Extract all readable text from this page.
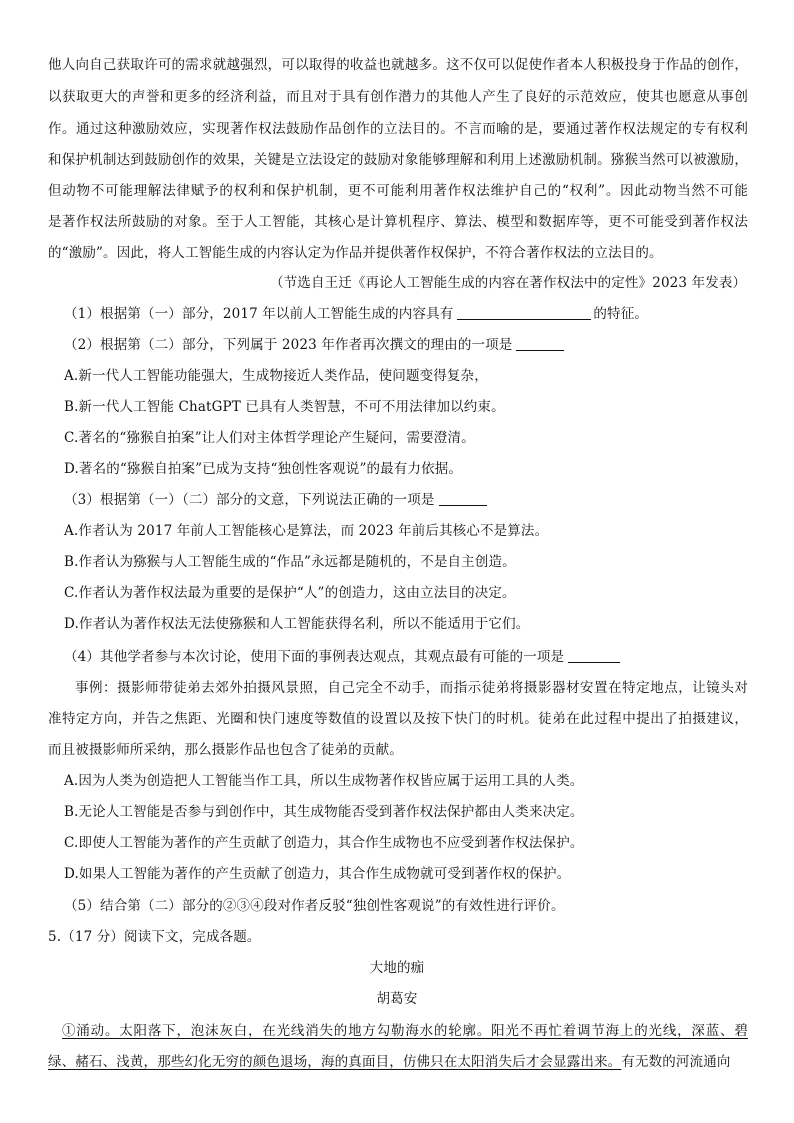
他人向自己获取许可的需求就越强烈，可以取得的收益也就越多。这不仅可以促使作者本人积极投身于作品的创作，
以获取更大的声誉和更多的经济利益，而且对于具有创作潜力的其他人产生了良好的示范效应，使其也愿意从事创
作。通过这种激励效应，实现著作权法鼓励作品创作的立法目的。不言而喻的是，要通过著作权法规定的专有权利
和保护机制达到鼓励创作的效果，关键是立法设定的鼓励对象能够理解和利用上述激励机制。猕猴当然可以被激励，
但动物不可能理解法律赋予的权利和保护机制，更不可能利用著作权法维护自己的“权利”。因此动物当然不可能
是著作权法所鼓励的对象。至于人工智能，其核心是计算机程序、算法、模型和数据库等，更不可能受到著作权法
的“激励”。因此，将人工智能生成的内容认定为作品并提供著作权保护，不符合著作权法的立法目的。
（节选自王迁《再论人工智能生成的内容在著作权法中的定性》2023 年发表）
（1）根据第（一）部分，2017 年以前人工智能生成的内容具有	的特征。
（2）根据第（二）部分，下列属于 2023 年作者再次撰文的理由的一项是
A.新一代人工智能功能强大，生成物接近人类作品，使问题变得复杂，
B.新一代人工智能 ChatGPT 已具有人类智慧，不可不用法律加以约束。
C.著名的“猕猴自拍案”让人们对主体哲学理论产生疑问，需要澄清。
D.著名的“猕猴自拍案”已成为支持“独创性客观说”的最有力依据。
（3）根据第（一）（二）部分的文意，下列说法正确的一项是
A.作者认为 2017 年前人工智能核心是算法，而 2023 年前后其核心不是算法。
B.作者认为猕猴与人工智能生成的“作品”永远都是随机的，不是自主创造。
C.作者认为著作权法最为重要的是保护“人”的创造力，这由立法目的决定。
D.作者认为著作权法无法使猕猴和人工智能获得名利，所以不能适用于它们。
（4）其他学者参与本次讨论，使用下面的事例表达观点，其观点最有可能的一项是
事例：摄影师带徒弟去郊外拍摄风景照，自己完全不动手，而指示徒弟将摄影器材安置在特定地点，让镜头对
准特定方向，并告之焦距、光圈和快门速度等数值的设置以及按下快门的时机。徒弟在此过程中提出了拍摄建议，
而且被摄影师所采纳，那么摄影作品也包含了徒弟的贡献。
A.因为人类为创造把人工智能当作工具，所以生成物著作权皆应属于运用工具的人类。
B.无论人工智能是否参与到创作中，其生成物能否受到著作权法保护都由人类来决定。
C.即使人工智能为著作的产生贡献了创造力，其合作生成物也不应受到著作权法保护。
D.如果人工智能为著作的产生贡献了创造力，其合作生成物就可受到著作权的保护。
（5）结合第（二）部分的②③④段对作者反驳“独创性客观说”的有效性进行评价。
5.（17 分）阅读下文，完成各题。
大地的痂
胡葛安
①涌动。太阳落下，泡沫灰白，在光线消失的地方勾勒海水的轮廓。阳光不再忙着调节海上的光线，深蓝、碧
绿、赭石、浅黄，那些幻化无穷的颜色退场，海的真面目，仿佛只在太阳消失后才会显露出来。有无数的河流通向
